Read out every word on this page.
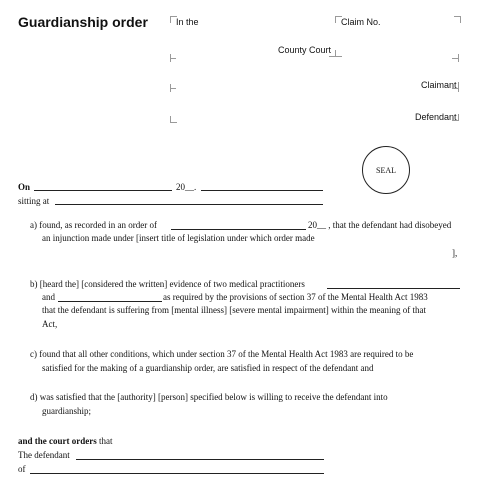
Guardianship order	In the	Claim No.
County Court
Claimant
Defendant
SEAL
On	20__.
sitting at
a) found, as recorded in an order of	20__ , that the defendant had disobeyed
an injunction made under [insert title of legislation under which order made
],
b) [heard the] [considered the written] evidence of two medical practitioners
and	as required by the provisions of section 37 of the Mental Health Act 1983
that the defendant is suffering from [mental illness] [severe mental impairment] within the meaning of that
Act,
c) found that all other conditions, which under section 37 of the Mental Health Act 1983 are required to be
satisfied for the making of a guardianship order, are satisfied in respect of the defendant and
d) was satisfied that the [authority] [person] specified below is willing to receive the defendant into
guardianship;
and the court orders that
The defendant
of
